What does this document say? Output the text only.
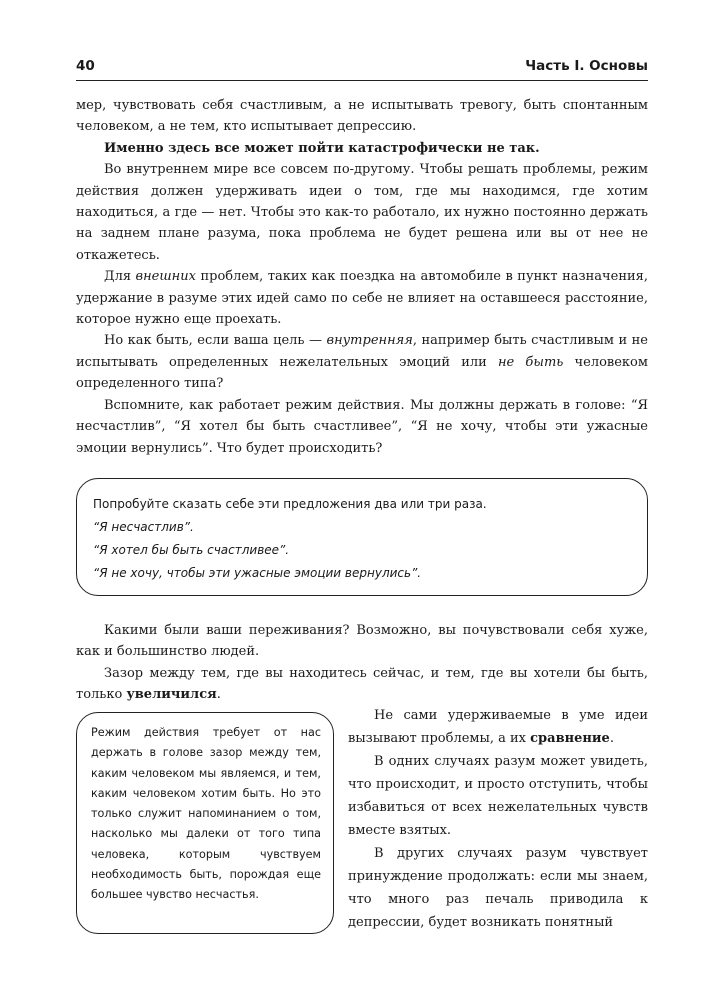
40	Часть I. Основы

мер, чувствовать себя счастливым, а не испытывать тревогу, быть спонтанным человеком, а не тем, кто испытывает депрессию.

Именно здесь все может пойти катастрофически не так.

Во внутреннем мире все совсем по-другому. Чтобы решать проблемы, режим действия должен удерживать идеи о том, где мы находимся, где хотим находиться, а где — нет. Чтобы это как-то работало, их нужно постоянно держать на заднем плане разума, пока проблема не будет решена или вы от нее не откажетесь.

Для внешних проблем, таких как поездка на автомобиле в пункт назначения, удержание в разуме этих идей само по себе не влияет на оставшееся расстояние, которое нужно еще проехать.

Но как быть, если ваша цель — внутренняя, например быть счастливым и не испытывать определенных нежелательных эмоций или не быть человеком определенного типа?

Вспомните, как работает режим действия. Мы должны держать в голове: “Я несчастлив”, “Я хотел бы быть счастливее”, “Я не хочу, чтобы эти ужасные эмоции вернулись”. Что будет происходить?

Попробуйте сказать себе эти предложения два или три раза.
“Я несчастлив”.
“Я хотел бы быть счастливее”.
“Я не хочу, чтобы эти ужасные эмоции вернулись”.

Какими были ваши переживания? Возможно, вы почувствовали себя хуже, как и большинство людей.

Зазор между тем, где вы находитесь сейчас, и тем, где вы хотели бы быть, только увеличился.

Режим действия требует от нас держать в голове зазор между тем, каким человеком мы являемся, и тем, каким человеком хотим быть. Но это только служит напоминанием о том, насколько мы далеки от того типа человека, которым чувствуем необходимость быть, порождая еще большее чувство несчастья.

Не сами удерживаемые в уме идеи вызывают проблемы, а их сравнение.

В одних случаях разум может увидеть, что происходит, и просто отступить, чтобы избавиться от всех нежелательных чувств вместе взятых.

В других случаях разум чувствует принуждение продолжать: если мы знаем, что много раз печаль приводила к депрессии, будет возникать понятный
